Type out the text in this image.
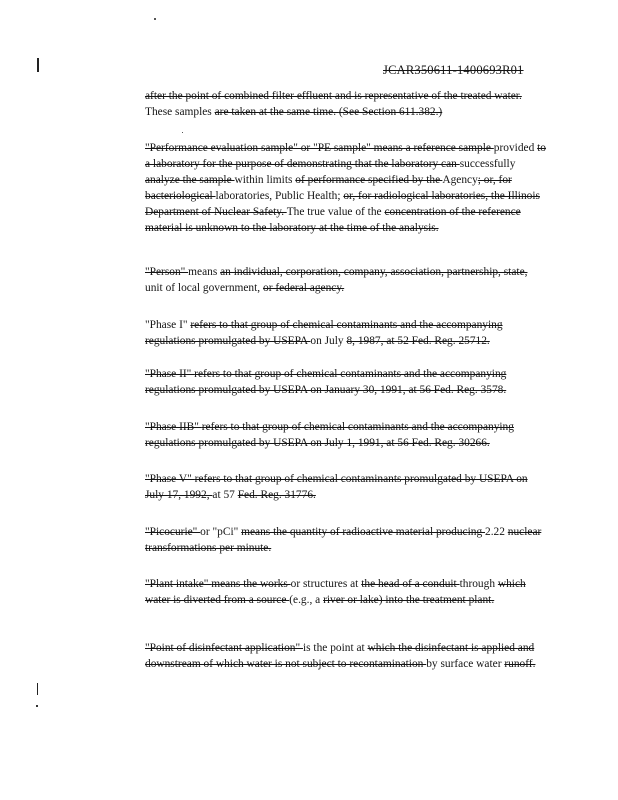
JCAR350611-1400693R01

after the point of combined filter effluent and is representative of the treated water. These samples are taken at the same time. (See Section 611.382.)

"Performance evaluation sample" or "PE sample" means a reference sample provided to a laboratory for the purpose of demonstrating that the laboratory can successfully analyze the sample within limits of performance specified by the Agency; or, for bacteriological laboratories, Public Health; or, for radiological laboratories, the Illinois Department of Nuclear Safety. The true value of the concentration of the reference material is unknown to the laboratory at the time of the analysis.

"Person" means an individual, corporation, company, association, partnership, state, unit of local government, or federal agency.

"Phase I" refers to that group of chemical contaminants and the accompanying regulations promulgated by USEPA on July 8, 1987, at 52 Fed. Reg. 25712.

"Phase II" refers to that group of chemical contaminants and the accompanying regulations promulgated by USEPA on January 30, 1991, at 56 Fed. Reg. 3578.

"Phase IIB" refers to that group of chemical contaminants and the accompanying regulations promulgated by USEPA on July 1, 1991, at 56 Fed. Reg. 30266.

"Phase V" refers to that group of chemical contaminants promulgated by USEPA on July 17, 1992, at 57 Fed. Reg. 31776.

"Picocurie" or "pCi" means the quantity of radioactive material producing 2.22 nuclear transformations per minute.

"Plant intake" means the works or structures at the head of a conduit through which water is diverted from a source (e.g., a river or lake) into the treatment plant.

"Point of disinfectant application" is the point at which the disinfectant is applied and downstream of which water is not subject to recontamination by surface water runoff.
